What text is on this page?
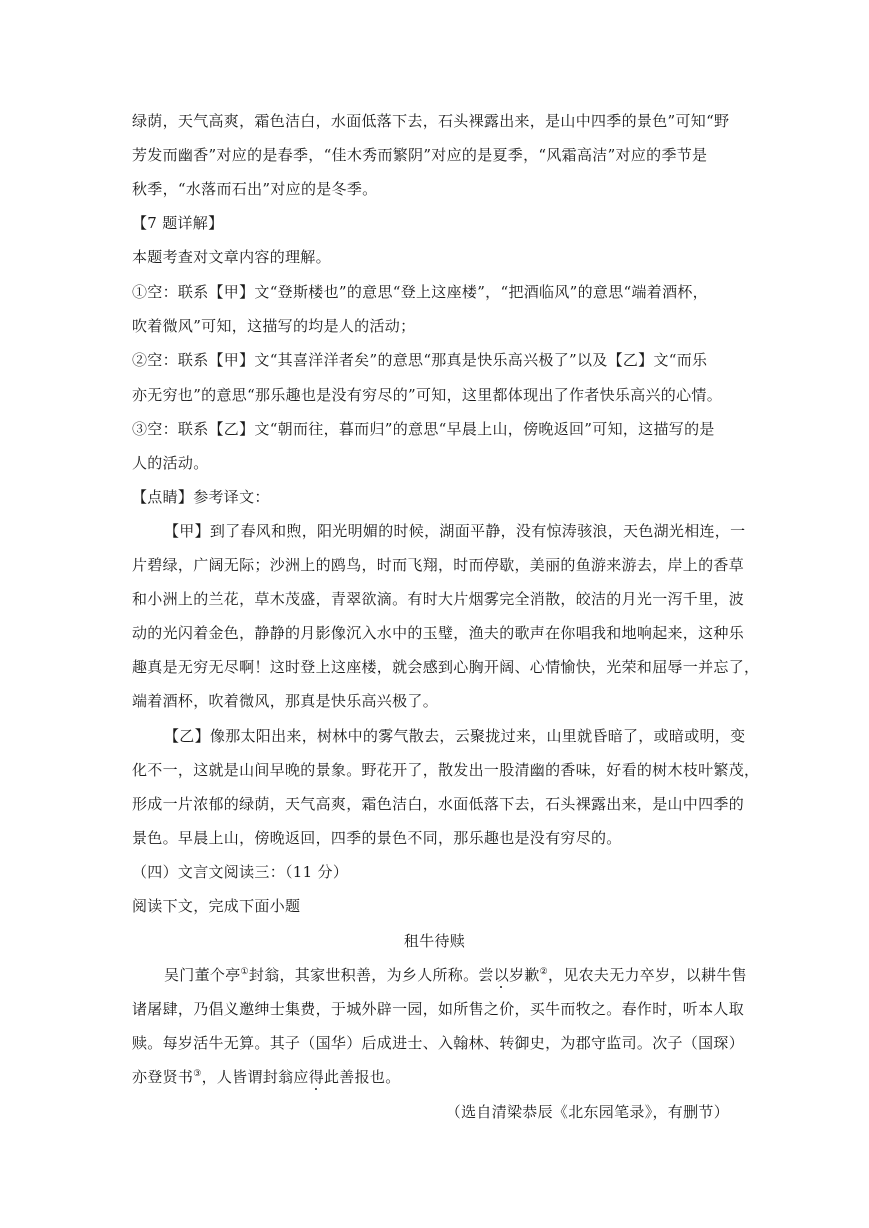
绿荫，天气高爽，霜色洁白，水面低落下去，石头裸露出来，是山中四季的景色”可知“野
芳发而幽香”对应的是春季，“佳木秀而繁阴”对应的是夏季，“风霜高洁”对应的季节是
秋季，“水落而石出”对应的是冬季。
【7 题详解】
本题考查对文章内容的理解。
①空：联系【甲】文“登斯楼也”的意思“登上这座楼”，“把酒临风”的意思“端着酒杯，
吹着微风”可知，这描写的均是人的活动；
②空：联系【甲】文“其喜洋洋者矣”的意思“那真是快乐高兴极了”以及【乙】文“而乐
亦无穷也”的意思“那乐趣也是没有穷尽的”可知，这里都体现出了作者快乐高兴的心情。
③空：联系【乙】文“朝而往，暮而归”的意思“早晨上山，傍晚返回”可知，这描写的是
人的活动。
【点睛】参考译文：
【甲】到了春风和煦，阳光明媚的时候，湖面平静，没有惊涛骇浪，天色湖光相连，一
片碧绿，广阔无际；沙洲上的鸥鸟，时而飞翔，时而停歇，美丽的鱼游来游去，岸上的香草
和小洲上的兰花，草木茂盛，青翠欲滴。有时大片烟雾完全消散，皎洁的月光一泻千里，波
动的光闪着金色，静静的月影像沉入水中的玉璧，渔夫的歌声在你唱我和地响起来，这种乐
趣真是无穷无尽啊！这时登上这座楼，就会感到心胸开阔、心情愉快，光荣和屈辱一并忘了，
端着酒杯，吹着微风，那真是快乐高兴极了。
【乙】像那太阳出来，树林中的雾气散去，云聚拢过来，山里就昏暗了，或暗或明，变
化不一，这就是山间早晚的景象。野花开了，散发出一股清幽的香味，好看的树木枝叶繁茂，
形成一片浓郁的绿荫，天气高爽，霜色洁白，水面低落下去，石头裸露出来，是山中四季的
景色。早晨上山，傍晚返回，四季的景色不同，那乐趣也是没有穷尽的。
（四）文言文阅读三：（11 分）
阅读下文，完成下面小题
租牛待赎
吴门董个亭①封翁，其家世积善，为乡人所称。尝以岁歉②，见农夫无力卒岁，以耕牛售
诸屠肆，乃倡义邀绅士集费，于城外辟一园，如所售之价，买牛而牧之。春作时，听本人取
赎。每岁活牛无算。其子（国华）后成进士、入翰林、转御史，为郡守监司。次子（国琛）
亦登贤书③，人皆谓封翁应得此善报也。
（选自清梁恭辰《北东园笔录》，有删节）
